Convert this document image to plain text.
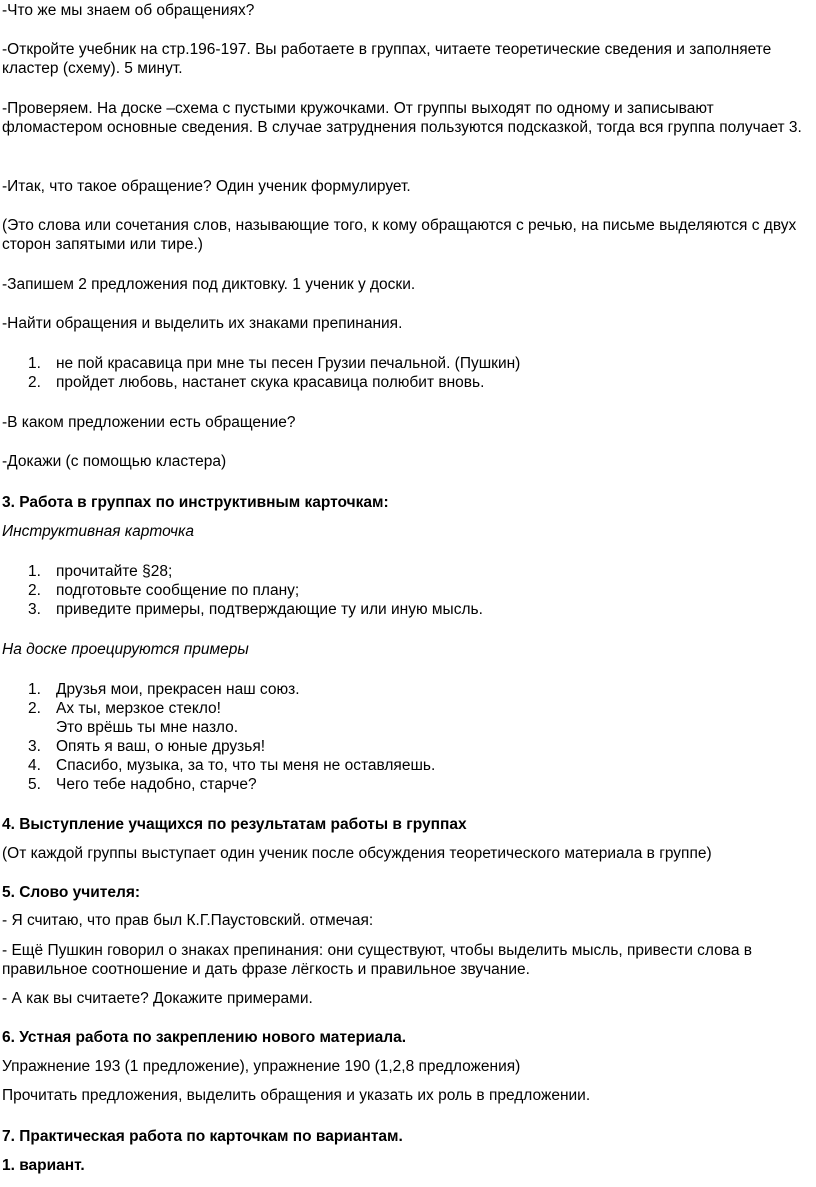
-Что же мы знаем об обращениях?

-Откройте учебник на стр.196-197. Вы работаете в группах, читаете теоретические сведения и заполняете кластер (схему). 5 минут.

-Проверяем. На доске –схема с пустыми кружочками. От группы выходят по одному и записывают фломастером основные сведения. В случае затруднения пользуются подсказкой, тогда вся группа получает 3.

-Итак, что такое обращение? Один ученик формулирует.

(Это слова или сочетания слов, называющие того, к кому обращаются с речью, на письме выделяются с двух сторон запятыми или тире.)

-Запишем 2 предложения под диктовку. 1 ученик у доски.

-Найти обращения и выделить их знаками препинания.

1. не пой красавица при мне ты песен Грузии печальной. (Пушкин)
2. пройдет любовь, настанет скука красавица полюбит вновь.

-В каком предложении есть обращение?

-Докажи (с помощью кластера)

3. Работа в группах по инструктивным карточкам:

Инструктивная карточка

1. прочитайте §28;
2. подготовьте сообщение по плану;
3. приведите примеры, подтверждающие ту или иную мысль.

На доске проецируются примеры

1. Друзья мои, прекрасен наш союз.
2. Ах ты, мерзкое стекло!
Это врёшь ты мне назло.
3. Опять я ваш, о юные друзья!
4. Спасибо, музыка, за то, что ты меня не оставляешь.
5. Чего тебе надобно, старче?

4. Выступление учащихся по результатам работы в группах

(От каждой группы выступает один ученик после обсуждения теоретического материала в группе)

5. Слово учителя:

- Я считаю, что прав был К.Г.Паустовский. отмечая:

- Ещё Пушкин говорил о знаках препинания: они существуют, чтобы выделить мысль, привести слова в правильное соотношение и дать фразе лёгкость и правильное звучание.

- А как вы считаете? Докажите примерами.

6. Устная работа по закреплению нового материала.

Упражнение 193 (1 предложение), упражнение 190 (1,2,8 предложения)

Прочитать предложения, выделить обращения и указать их роль в предложении.

7. Практическая работа по карточкам по вариантам.

1. вариант.
